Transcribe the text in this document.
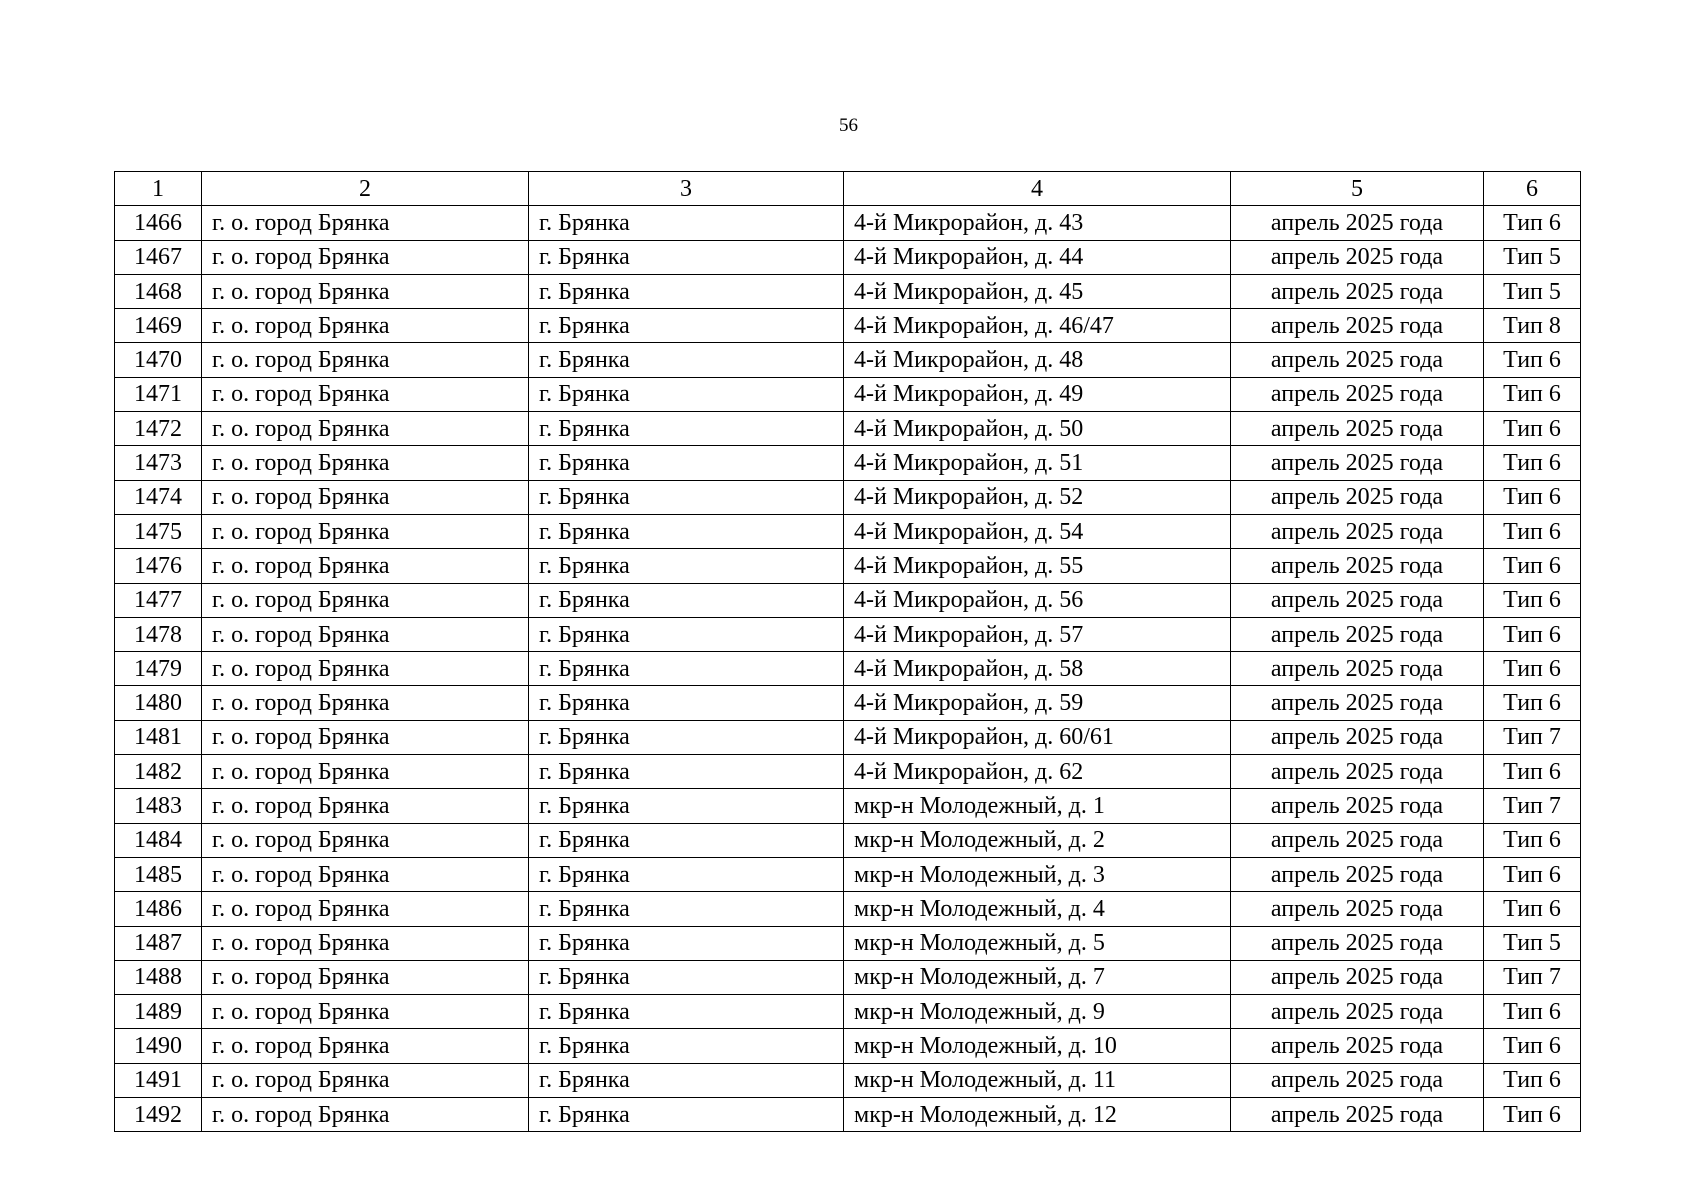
56
1	2	3	4	5	6
1466	г. о. город Брянка	г. Брянка	4-й Микрорайон, д. 43	апрель 2025 года	Тип 6
1467	г. о. город Брянка	г. Брянка	4-й Микрорайон, д. 44	апрель 2025 года	Тип 5
1468	г. о. город Брянка	г. Брянка	4-й Микрорайон, д. 45	апрель 2025 года	Тип 5
1469	г. о. город Брянка	г. Брянка	4-й Микрорайон, д. 46/47	апрель 2025 года	Тип 8
1470	г. о. город Брянка	г. Брянка	4-й Микрорайон, д. 48	апрель 2025 года	Тип 6
1471	г. о. город Брянка	г. Брянка	4-й Микрорайон, д. 49	апрель 2025 года	Тип 6
1472	г. о. город Брянка	г. Брянка	4-й Микрорайон, д. 50	апрель 2025 года	Тип 6
1473	г. о. город Брянка	г. Брянка	4-й Микрорайон, д. 51	апрель 2025 года	Тип 6
1474	г. о. город Брянка	г. Брянка	4-й Микрорайон, д. 52	апрель 2025 года	Тип 6
1475	г. о. город Брянка	г. Брянка	4-й Микрорайон, д. 54	апрель 2025 года	Тип 6
1476	г. о. город Брянка	г. Брянка	4-й Микрорайон, д. 55	апрель 2025 года	Тип 6
1477	г. о. город Брянка	г. Брянка	4-й Микрорайон, д. 56	апрель 2025 года	Тип 6
1478	г. о. город Брянка	г. Брянка	4-й Микрорайон, д. 57	апрель 2025 года	Тип 6
1479	г. о. город Брянка	г. Брянка	4-й Микрорайон, д. 58	апрель 2025 года	Тип 6
1480	г. о. город Брянка	г. Брянка	4-й Микрорайон, д. 59	апрель 2025 года	Тип 6
1481	г. о. город Брянка	г. Брянка	4-й Микрорайон, д. 60/61	апрель 2025 года	Тип 7
1482	г. о. город Брянка	г. Брянка	4-й Микрорайон, д. 62	апрель 2025 года	Тип 6
1483	г. о. город Брянка	г. Брянка	мкр-н Молодежный, д. 1	апрель 2025 года	Тип 7
1484	г. о. город Брянка	г. Брянка	мкр-н Молодежный, д. 2	апрель 2025 года	Тип 6
1485	г. о. город Брянка	г. Брянка	мкр-н Молодежный, д. 3	апрель 2025 года	Тип 6
1486	г. о. город Брянка	г. Брянка	мкр-н Молодежный, д. 4	апрель 2025 года	Тип 6
1487	г. о. город Брянка	г. Брянка	мкр-н Молодежный, д. 5	апрель 2025 года	Тип 5
1488	г. о. город Брянка	г. Брянка	мкр-н Молодежный, д. 7	апрель 2025 года	Тип 7
1489	г. о. город Брянка	г. Брянка	мкр-н Молодежный, д. 9	апрель 2025 года	Тип 6
1490	г. о. город Брянка	г. Брянка	мкр-н Молодежный, д. 10	апрель 2025 года	Тип 6
1491	г. о. город Брянка	г. Брянка	мкр-н Молодежный, д. 11	апрель 2025 года	Тип 6
1492	г. о. город Брянка	г. Брянка	мкр-н Молодежный, д. 12	апрель 2025 года	Тип 6
